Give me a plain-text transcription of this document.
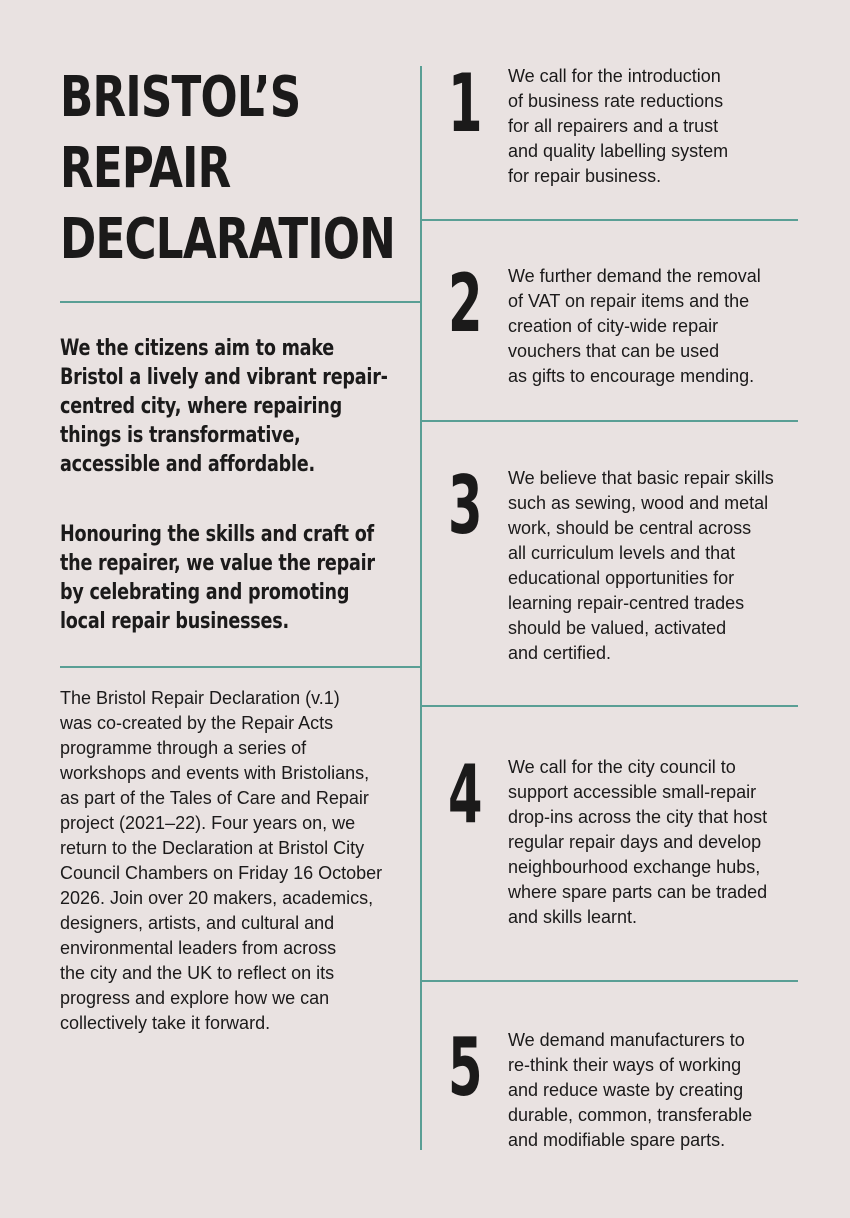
BRISTOL’S
REPAIR
DECLARATION
We the citizens aim to make
Bristol a lively and vibrant repair-
centred city, where repairing
things is transformative,
accessible and affordable.
Honouring the skills and craft of
the repairer, we value the repair
by celebrating and promoting
local repair businesses.

The Bristol Repair Declaration (v.1)
was co-created by the Repair Acts
programme through a series of
workshops and events with Bristolians,
as part of the Tales of Care and Repair
project (2021–22). Four years on, we
return to the Declaration at Bristol City
Council Chambers on Friday 16 October
2026. Join over 20 makers, academics,
designers, artists, and cultural and
environmental leaders from across
the city and the UK to reflect on its
progress and explore how we can
collectively take it forward.

1 We call for the introduction
of business rate reductions
for all repairers and a trust
and quality labelling system
for repair business.
2 We further demand the removal
of VAT on repair items and the
creation of city-wide repair
vouchers that can be used
as gifts to encourage mending.
3 We believe that basic repair skills
such as sewing, wood and metal
work, should be central across
all curriculum levels and that
educational opportunities for
learning repair-centred trades
should be valued, activated
and certified.
4 We call for the city council to
support accessible small-repair
drop-ins across the city that host
regular repair days and develop
neighbourhood exchange hubs,
where spare parts can be traded
and skills learnt.
5 We demand manufacturers to
re-think their ways of working
and reduce waste by creating
durable, common, transferable
and modifiable spare parts.
